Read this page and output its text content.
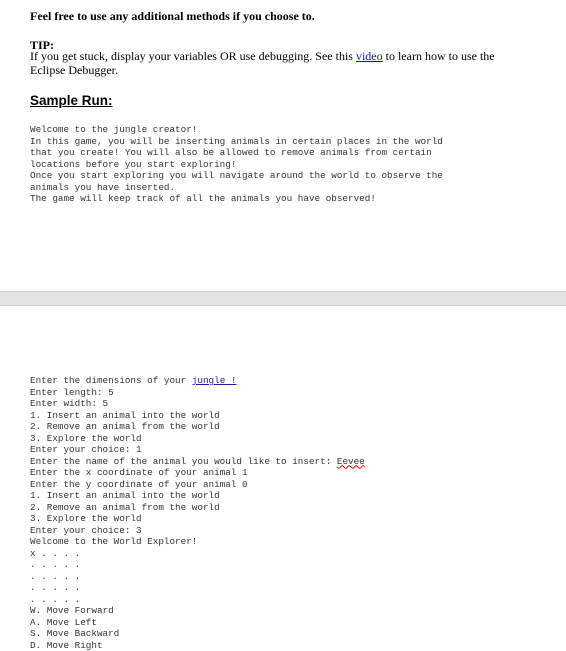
Feel free to use any additional methods if you choose to.
TIP:
If you get stuck, display your variables OR use debugging. See this video to learn how to use the
Eclipse Debugger.
Sample Run:
Welcome to the jungle creator!
In this game, you will be inserting animals in certain places in the world
that you create! You will also be allowed to remove animals from certain
locations before you start exploring!
Once you start exploring you will navigate around the world to observe the
animals you have inserted.
The game will keep track of all the animals you have observed!
Enter the dimensions of your jungle !
Enter length: 5
Enter width: 5
1. Insert an animal into the world
2. Remove an animal from the world
3. Explore the world
Enter your choice: 1
Enter the name of the animal you would like to insert: Eevee
Enter the x coordinate of your animal 1
Enter the y coordinate of your animal 0
1. Insert an animal into the world
2. Remove an animal from the world
3. Explore the world
Enter your choice: 3
Welcome to the World Explorer!
x . . . .
. . . . .
. . . . .
. . . . .
. . . . .
W. Move Forward
A. Move Left
S. Move Backward
D. Move Right
